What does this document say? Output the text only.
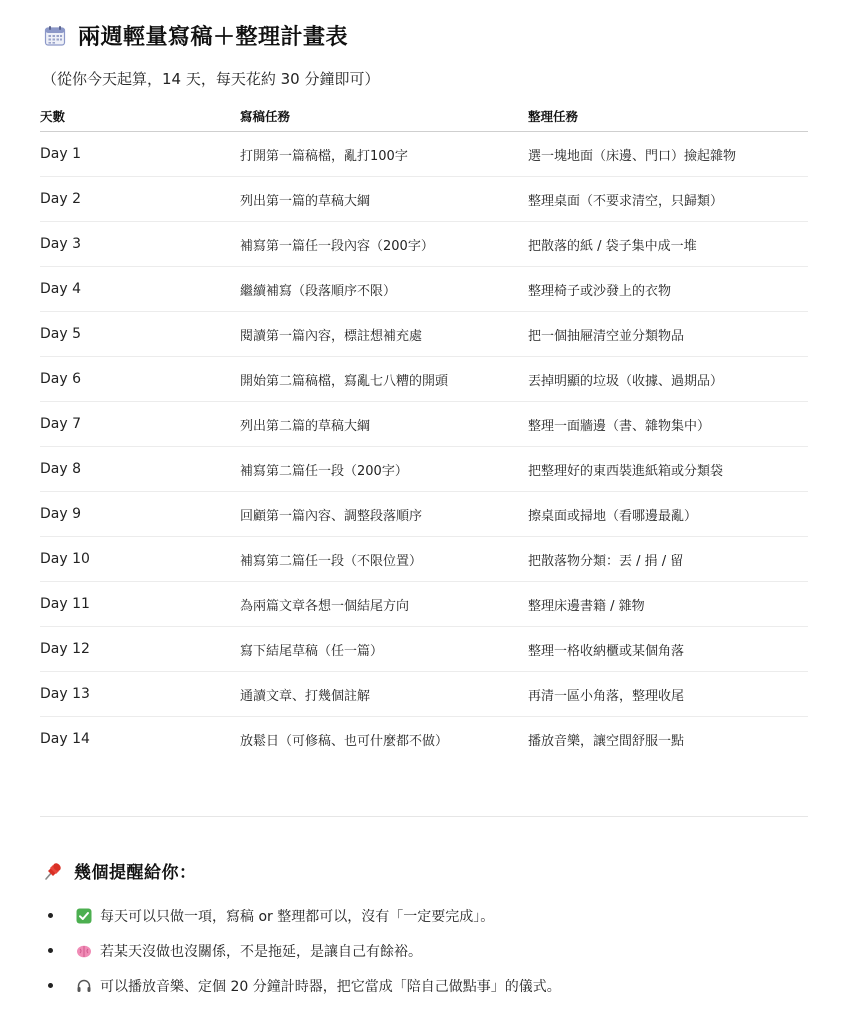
兩週輕量寫稿＋整理計畫表
（從你今天起算，14 天，每天花約 30 分鐘即可）
天數	寫稿任務	整理任務
Day 1	打開第一篇稿檔，亂打100字	選一塊地面（床邊、門口）撿起雜物
Day 2	列出第一篇的草稿大綱	整理桌面（不要求清空，只歸類）
Day 3	補寫第一篇任一段內容（200字）	把散落的紙 / 袋子集中成一堆
Day 4	繼續補寫（段落順序不限）	整理椅子或沙發上的衣物
Day 5	閱讀第一篇內容，標註想補充處	把一個抽屜清空並分類物品
Day 6	開始第二篇稿檔，寫亂七八糟的開頭	丟掉明顯的垃圾（收據、過期品）
Day 7	列出第二篇的草稿大綱	整理一面牆邊（書、雜物集中）
Day 8	補寫第二篇任一段（200字）	把整理好的東西裝進紙箱或分類袋
Day 9	回顧第一篇內容、調整段落順序	擦桌面或掃地（看哪邊最亂）
Day 10	補寫第二篇任一段（不限位置）	把散落物分類：丟 / 捐 / 留
Day 11	為兩篇文章各想一個結尾方向	整理床邊書籍 / 雜物
Day 12	寫下結尾草稿（任一篇）	整理一格收納櫃或某個角落
Day 13	通讀文章、打幾個註解	再清一區小角落，整理收尾
Day 14	放鬆日（可修稿、也可什麼都不做）	播放音樂，讓空間舒服一點
幾個提醒給你：
每天可以只做一項，寫稿 or 整理都可以，沒有「一定要完成」。
若某天沒做也沒關係，不是拖延，是讓自己有餘裕。
可以播放音樂、定個 20 分鐘計時器，把它當成「陪自己做點事」的儀式。
